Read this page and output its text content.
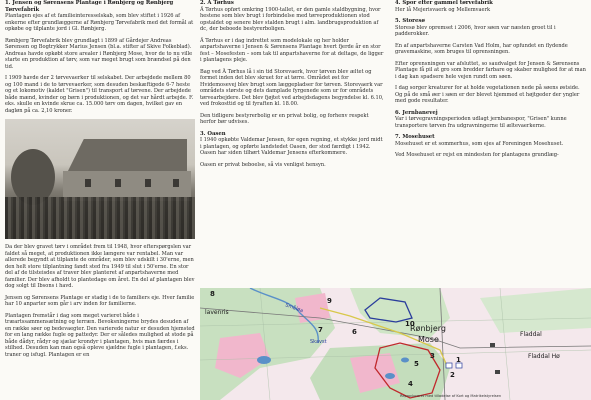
1. Jensen og Sørensens Plantage i Rønbjerg og Rønbjerg Tørvefabrik

Plantagen ejes af et familieinteresselskab, som blev stiftet i 1926 af enkerne efter grundlæggerne af Rønbjerg Tørvefabrik med det formål at opkøbe og tilplante jord i Gl. Rønbjerg.

Rønbjerg Tørvefabrik blev grundlagt i 1899 af Gårdejer Andreas Sørensen og Bogtrykker Marius Jensen (bl.a. stifter af Skive Folkeblad). Andreas havde opkøbt store arealer i Rønbjerg Mose, hvor de to nu ville starte en produktion af tørv, som var meget brugt som brændsel på den tid.

I 1909 havde der 2 tørvevaerker til selskabet. Der arbejdede mellem 80 og 100 mand i de to tørvevaerker, som desuden beskæftigede 6-7 heste og et lokomotiv (kaldet "Grisen") til transport af tørvene. Der arbejdede både mænd, kvinder og børn i produktionen, og det var hårdt arbejde. F. eks. skulle en kvinde skrue ca. 15.000 tørv om dagen, hvilket gav en dagløn på ca. 2,10 kroner.

Da der blev gravet tørv i området frem til 1948, hvor efterspørgslen var faldet så meget, at produktionen ikke længere var rentabel. Man var allerede begyndt at tilplante de områder, som blev udskilt i 30'erne, men den helt store tilplantning fandt sted fra 1949 til slut i 50'erne. En stor del af de tilsteisdes af traver blev planteret af anpartshaverne med familier. Der blev afholdt to plantedage om året. En del af plantagen blev dog solgt til Ibsons i havd.

Jensen og Sørensens Plantage er stadig i de to familiers eje. Hver familie har 10 anparter som går i arv inden for familierne.

Plantagen fremstår i dag som meget varieret både i træartssammensætning og terræn. Bevoksningerne brydes desuden af en række søer og bedevaegter. Den varierede natur er desuden hjemsted for en lang række fugle og pattedyr. Der er således mulighed at stode på både dådyr, rådyr og sjælar krondyr i plantagen, hvis man færdes i stilhed. Desuden kan man også opleve sjældne fugle i plantagen, f.eks. traner og isfugl. Plantagen er en

2. Ä Tørhus

Ä Tørhus opført omkring 1900-tallet, er den gamle staldbygning, hvor hestene som blev brugt i forbindelse med tørveproduktionen stod opstaldet og senere blev stalden brugt i alm. landbrugsproduktion af dc, der beboede bestyrerboligen.

Ä Tørhus er i dag indrettet som modelokale og her holder anpartshaverne i Jensen & Sørensens Plantage hvert fjerde år en stor fest – Mosefesten – som tak til anpartshaverne for at deltage, de ligger i plantagens pleje.

Bag ved Ä Tørhus lå i sin tid Storevaerk, hvor tørven blev æltet og formet inden det blev skruet for at tørre. Området øst for Hvidemosevej blev brugt som læggepladser for tørven. Storevaerk var områdets største og dets damplade fyrgenede som ur for områdets tørvearbejdere. Det blev fjøjtet ved arbejdsdagens begyndelse kl. 6.10, ved frokosttid og til fyraften kl. 18.00.

Den tidligere bestyrerbolig er en privat bolig, og forhenv respekt herfor bør udvises.

3. Oasen

I 1940 opkøbte Valdemar Jensen, for egen regning, et stykke jord midt i plantagen, og opførte landstedet Oasen, der stod færdigt i 1942. Oasen har siden tilhørt Valdemar Jensens efterkommere.

Oasen er privat beboelse, så vis venligst hensyn.

4. Spor efter gammel tørvefabrik

Her lå Mejerisvaerk og Mellemvaerk

5. Storesø

Storesø blev opremset i 2006, hvor søen var næsten groet til i padderokker.

En af anpartshaverne Carsten Vad Holm, har opfundet en flydende gravemaskine, som bruges til oprensningen.

Efter oprensningen var afsluttet, so saudvalget for Jensen & Sørensens Plantage få pil at gro som bredder farbare og skaber mulighed for at man i dag kan spadsere hele vejen rundt om søen.

I dag sorger kreaturer for at holde vegetationen nede på søens østside. Og på de små øer i søen er der blevet hjemmed et højtgeder der yngler med gode resultater.

6. Jernbanevej

Var i tørvegravningsperioden udlagt jernbanespor, "Grisen" kunne transportere tørven fra udgravningerne til æltevaerkerne.

7. Mosehuset

Mosehuset er et sommerhus, som ejes af Foreningen Mosehuset.

Ved Mosehuset er rejst en mindesten for plantagens grundlæg-

lavenris	Småløa
Rønbjerg
Mose
Skavst
Fladdal
Fladdal Hø
8
9
10
7	6
5
4
3
2
1
Reproduceret med tilladelse af Kort og Matrikelstyrelsen
